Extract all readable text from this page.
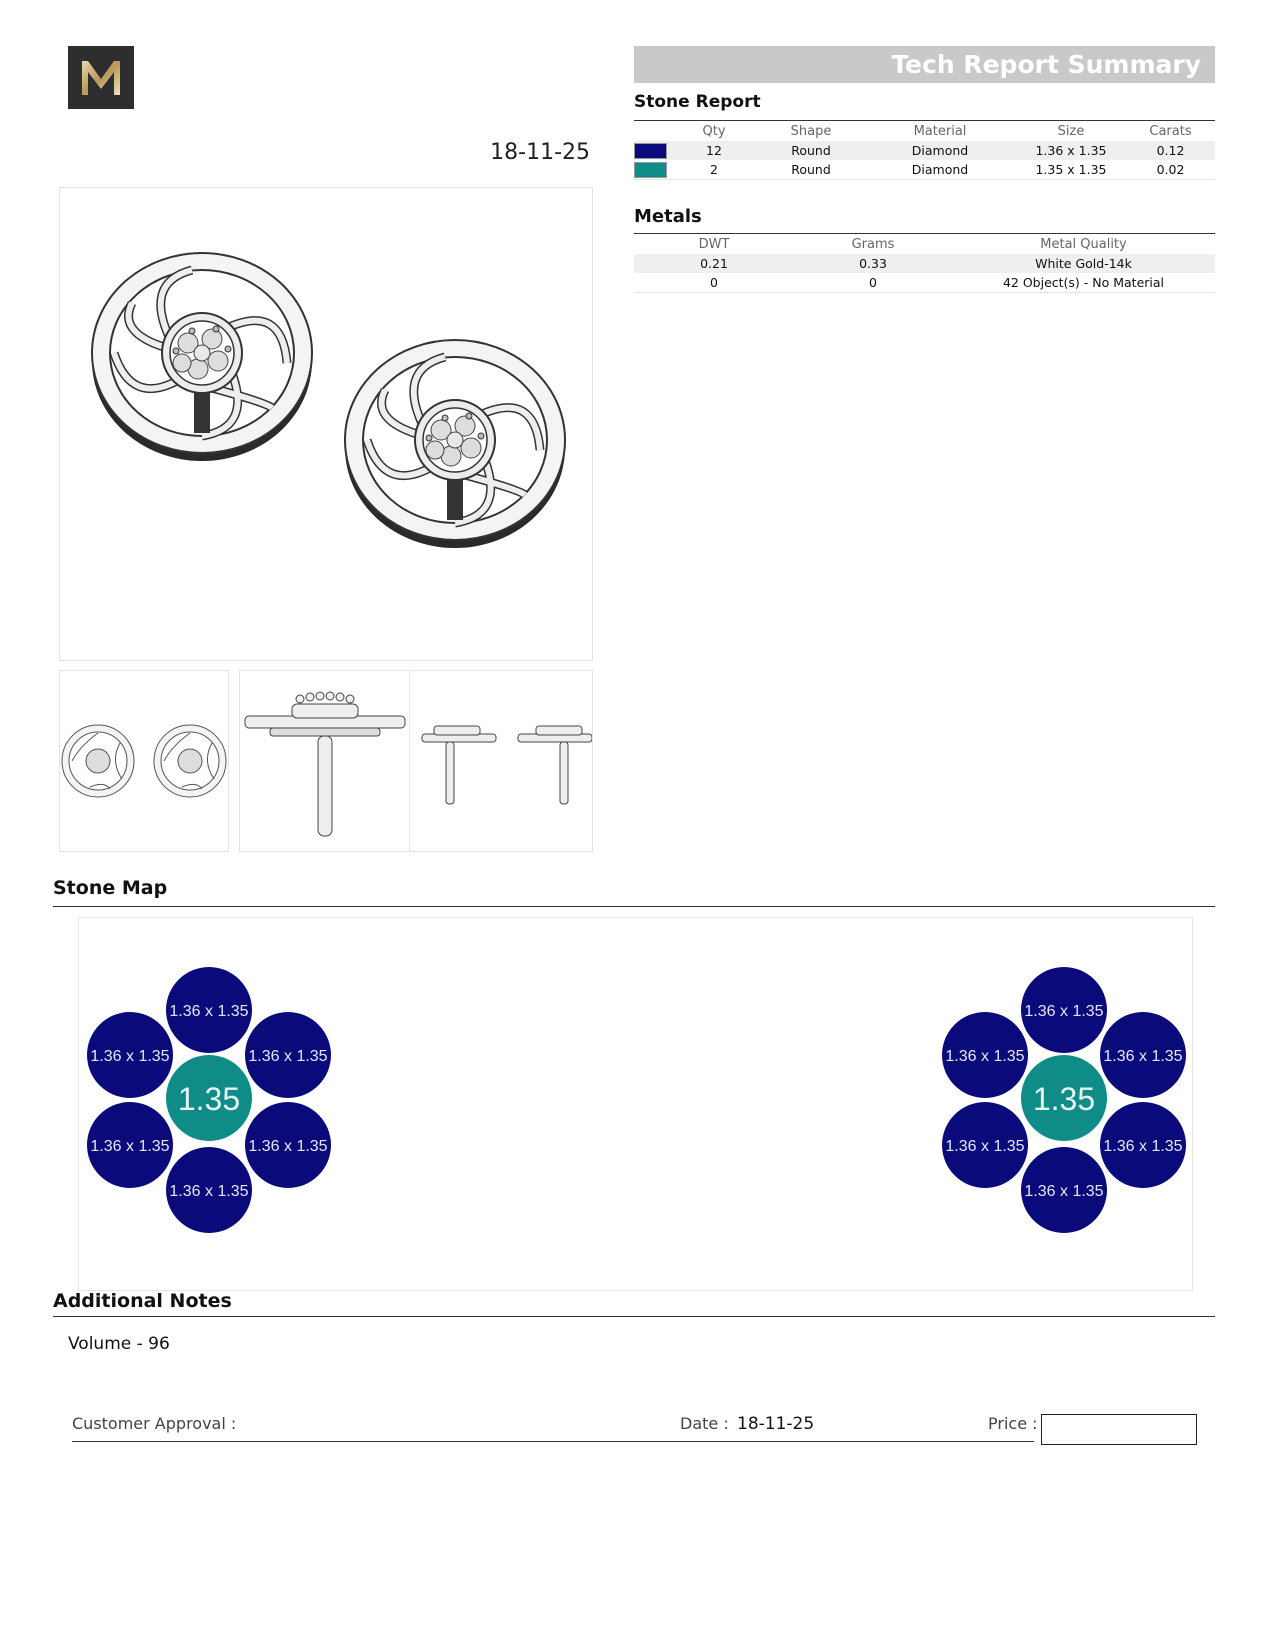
18-11-25
Tech Report Summary
Stone Report
	Qty	Shape	Material	Size	Carats
	12	Round	Diamond	1.36 x 1.35	0.12
	2	Round	Diamond	1.35 x 1.35	0.02
Metals
DWT	Grams	Metal Quality
0.21	0.33	White Gold-14k
0	0	42 Object(s) - No Material
Stone Map
1.36 x 1.35
1.36 x 1.35	1.36 x 1.35
1.36 x 1.35	1.36 x 1.35
1.36 x 1.35
1.35
1.36 x 1.35
1.36 x 1.35	1.36 x 1.35
1.36 x 1.35	1.36 x 1.35
1.36 x 1.35
1.35
Additional Notes
Volume - 96
Customer Approval :	Date : 18-11-25	Price :
